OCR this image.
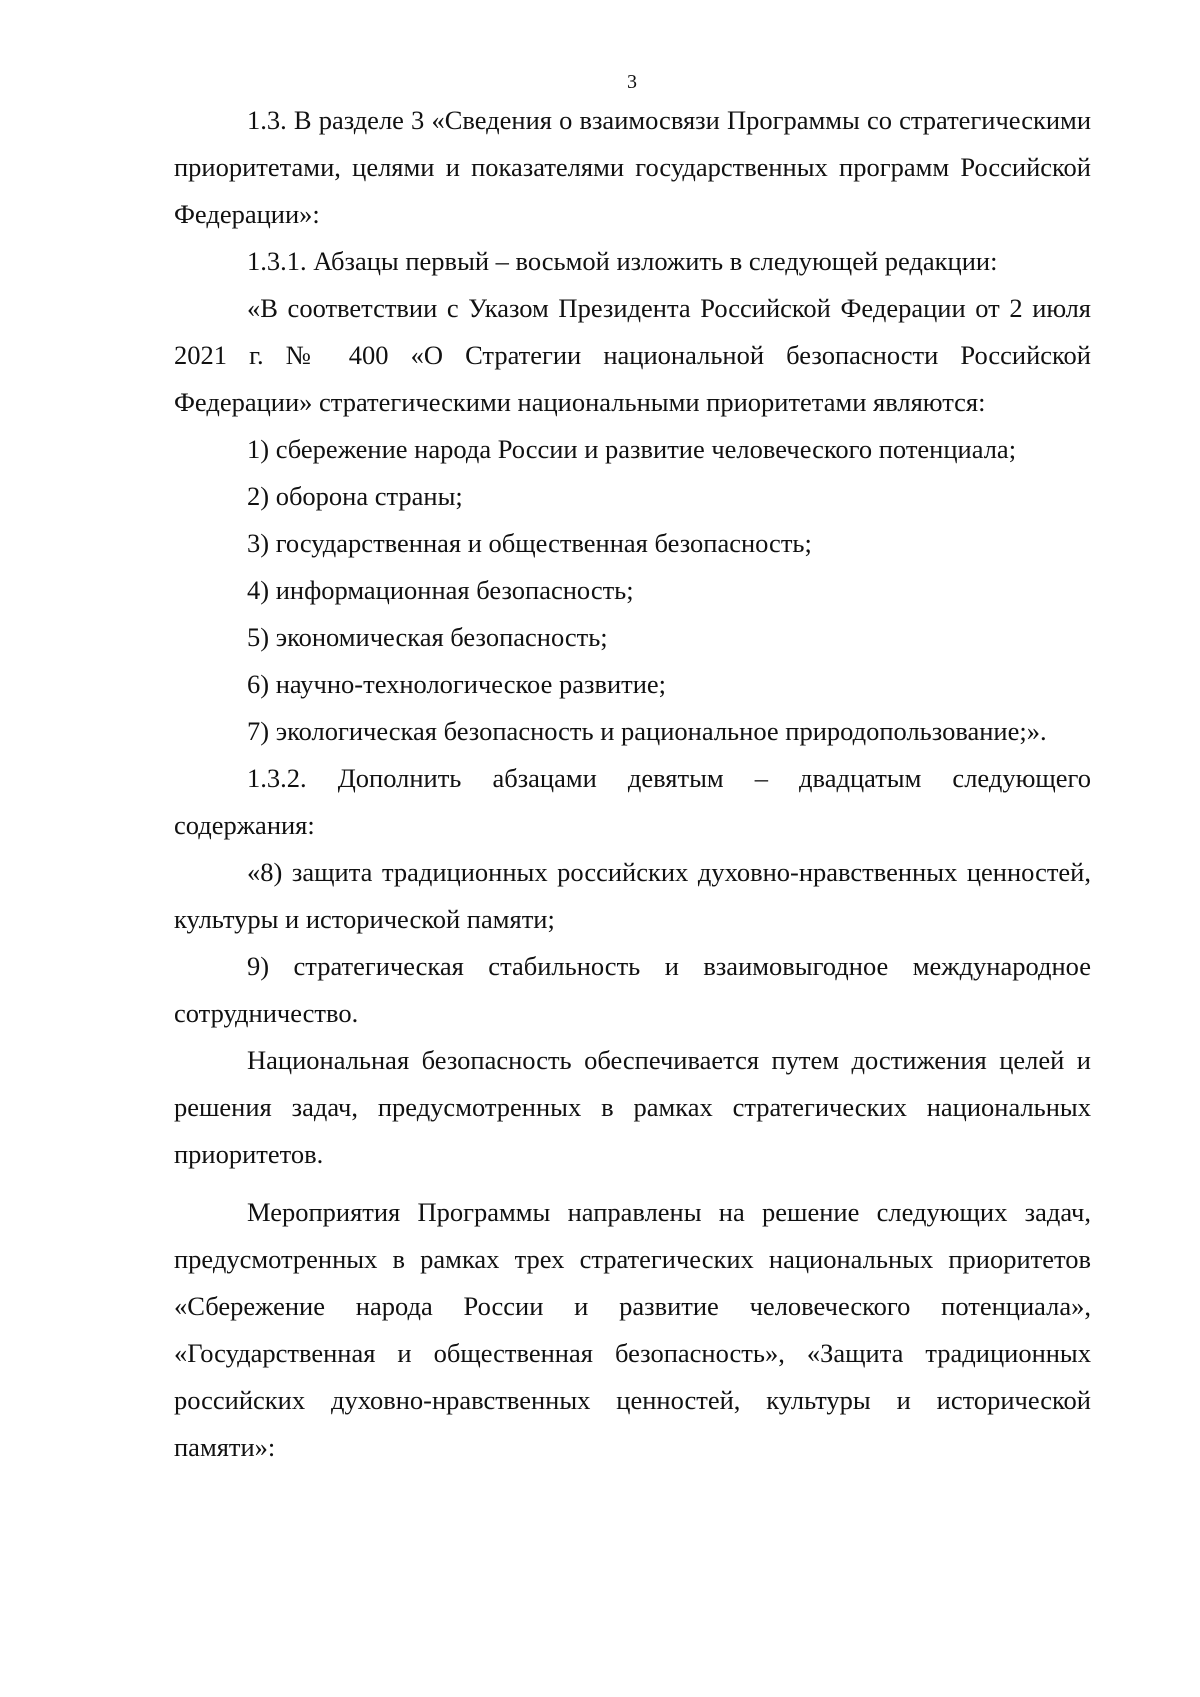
3

1.3. В разделе 3 «Сведения о взаимосвязи Программы со стратегическими приоритетами, целями и показателями государственных программ Российской Федерации»:

1.3.1. Абзацы первый – восьмой изложить в следующей редакции:

«В соответствии с Указом Президента Российской Федерации от 2 июля 2021 г. № 400 «О Стратегии национальной безопасности Российской Федерации» стратегическими национальными приоритетами являются:

1) сбережение народа России и развитие человеческого потенциала;

2) оборона страны;

3) государственная и общественная безопасность;

4) информационная безопасность;

5) экономическая безопасность;

6) научно-технологическое развитие;

7) экологическая безопасность и рациональное природопользование;».

1.3.2. Дополнить абзацами девятым – двадцатым следующего содержания:

«8) защита традиционных российских духовно-нравственных ценностей, культуры и исторической памяти;

9) стратегическая стабильность и взаимовыгодное международное сотрудничество.

Национальная безопасность обеспечивается путем достижения целей и решения задач, предусмотренных в рамках стратегических национальных приоритетов.

Мероприятия Программы направлены на решение следующих задач, предусмотренных в рамках трех стратегических национальных приоритетов «Сбережение народа России и развитие человеческого потенциала», «Государственная и общественная безопасность», «Защита традиционных российских духовно-нравственных ценностей, культуры и исторической памяти»:
